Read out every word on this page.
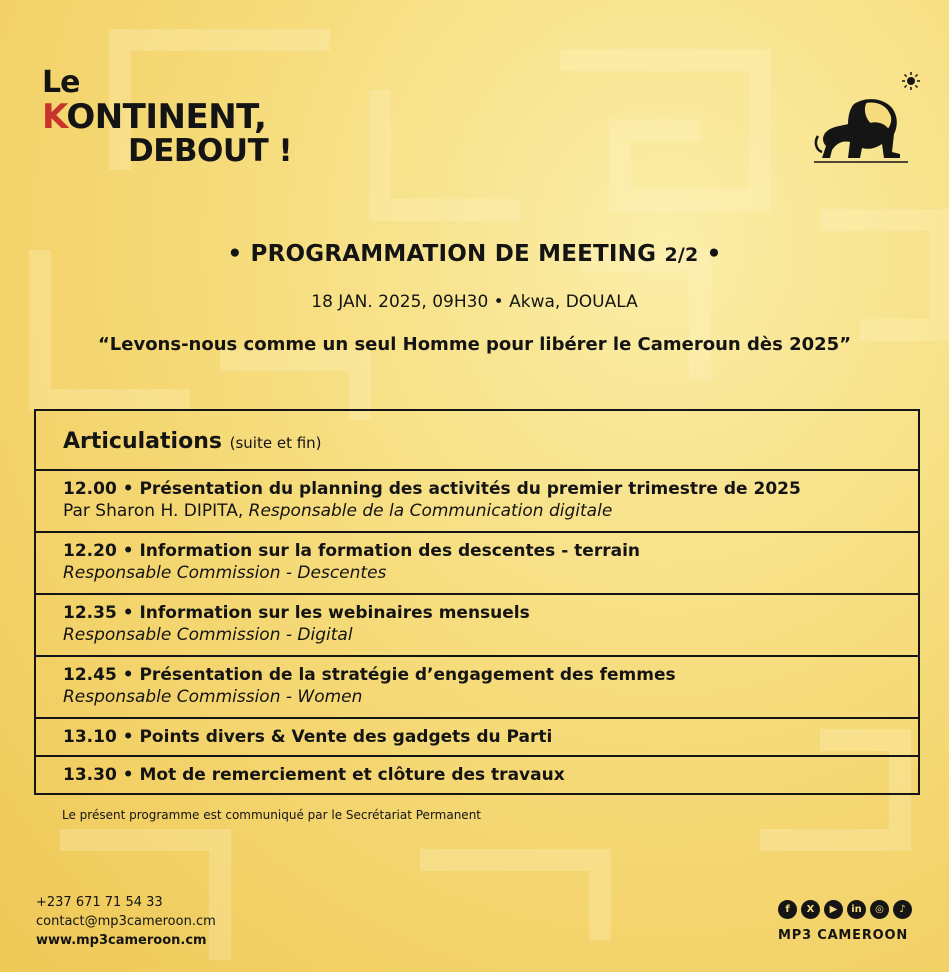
Le
KONTINENT,
DEBOUT !
• PROGRAMMATION DE MEETING 2/2 •
18 JAN. 2025, 09H30 • Akwa, DOUALA
“Levons-nous comme un seul Homme pour libérer le Cameroun dès 2025”
Articulations (suite et fin)
12.00 • Présentation du planning des activités du premier trimestre de 2025
Par Sharon H. DIPITA, Responsable de la Communication digitale
12.20 • Information sur la formation des descentes - terrain
Responsable Commission - Descentes
12.35 • Information sur les webinaires mensuels
Responsable Commission - Digital
12.45 • Présentation de la stratégie d’engagement des femmes
Responsable Commission - Women
13.10 • Points divers & Vente des gadgets du Parti
13.30 • Mot de remerciement et clôture des travaux
Le présent programme est communiqué par le Secrétariat Permanent
+237 671 71 54 33
contact@mp3cameroon.cm
www.mp3cameroon.cm
f	X	▶	in	◎	♪
MP3 CAMEROON
